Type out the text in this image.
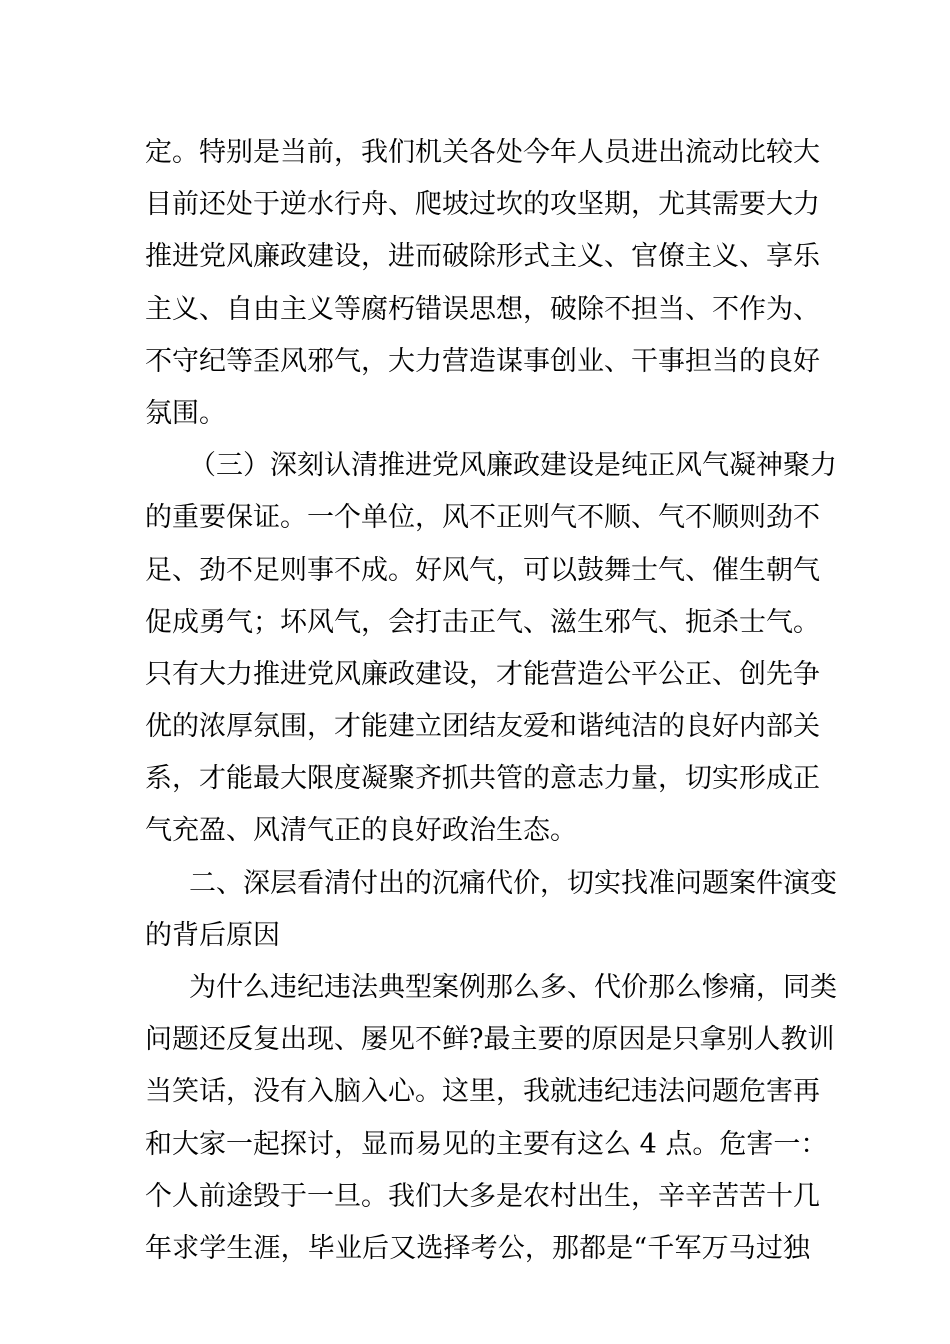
定。特别是当前，我们机关各处今年人员进出流动比较大
目前还处于逆水行舟、爬坡过坎的攻坚期，尤其需要大力
推进党风廉政建设，进而破除形式主义、官僚主义、享乐
主义、自由主义等腐朽错误思想，破除不担当、不作为、
不守纪等歪风邪气，大力营造谋事创业、干事担当的良好
氛围。
（三）深刻认清推进党风廉政建设是纯正风气凝神聚力
的重要保证。一个单位，风不正则气不顺、气不顺则劲不
足、劲不足则事不成。好风气，可以鼓舞士气、催生朝气
促成勇气；坏风气，会打击正气、滋生邪气、扼杀士气。
只有大力推进党风廉政建设，才能营造公平公正、创先争
优的浓厚氛围，才能建立团结友爱和谐纯洁的良好内部关
系，才能最大限度凝聚齐抓共管的意志力量，切实形成正
气充盈、风清气正的良好政治生态。
二、深层看清付出的沉痛代价，切实找准问题案件演变
的背后原因
为什么违纪违法典型案例那么多、代价那么惨痛，同类
问题还反复出现、屡见不鲜?最主要的原因是只拿别人教训
当笑话，没有入脑入心。这里，我就违纪违法问题危害再
和大家一起探讨，显而易见的主要有这么 4 点。危害一：
个人前途毁于一旦。我们大多是农村出生，辛辛苦苦十几
年求学生涯，毕业后又选择考公，那都是“千军万马过独
